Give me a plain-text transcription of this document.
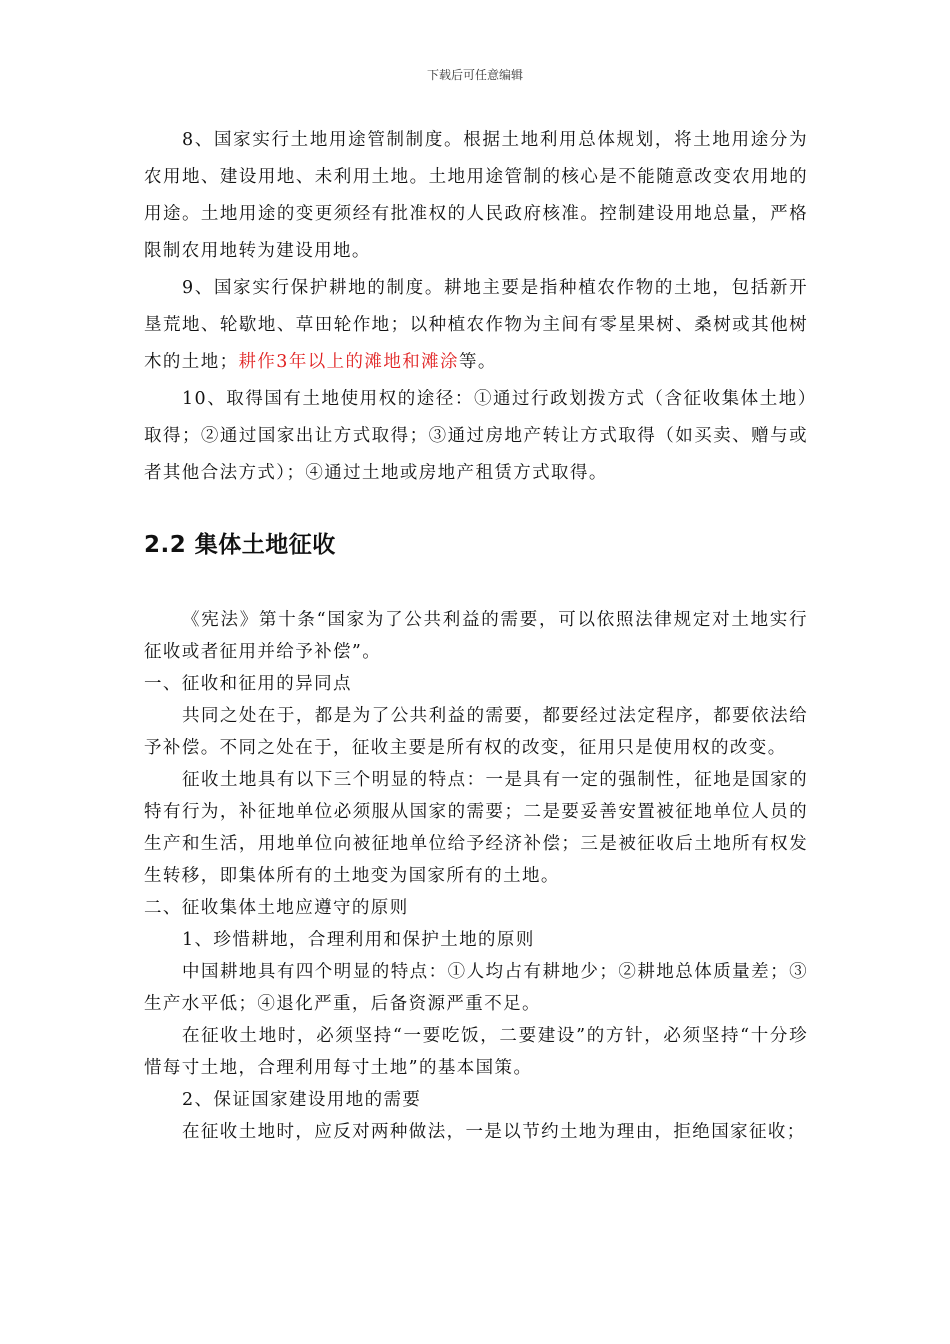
下载后可任意编辑

8、国家实行土地用途管制制度。根据土地利用总体规划，将土地用途分为农用地、建设用地、未利用土地。土地用途管制的核心是不能随意改变农用地的用途。土地用途的变更须经有批准权的人民政府核准。控制建设用地总量，严格限制农用地转为建设用地。

9、国家实行保护耕地的制度。耕地主要是指种植农作物的土地，包括新开垦荒地、轮歇地、草田轮作地；以种植农作物为主间有零星果树、桑树或其他树木的土地；耕作3年以上的滩地和滩涂等。

10、取得国有土地使用权的途径：①通过行政划拨方式（含征收集体土地）取得；②通过国家出让方式取得；③通过房地产转让方式取得（如买卖、赠与或者其他合法方式）；④通过土地或房地产租赁方式取得。

2.2 集体土地征收

《宪法》第十条“国家为了公共利益的需要，可以依照法律规定对土地实行征收或者征用并给予补偿”。

一、征收和征用的异同点

共同之处在于，都是为了公共利益的需要，都要经过法定程序，都要依法给予补偿。不同之处在于，征收主要是所有权的改变，征用只是使用权的改变。

征收土地具有以下三个明显的特点：一是具有一定的强制性，征地是国家的特有行为，补征地单位必须服从国家的需要；二是要妥善安置被征地单位人员的生产和生活，用地单位向被征地单位给予经济补偿；三是被征收后土地所有权发生转移，即集体所有的土地变为国家所有的土地。

二、征收集体土地应遵守的原则

1、珍惜耕地，合理利用和保护土地的原则

中国耕地具有四个明显的特点：①人均占有耕地少；②耕地总体质量差；③生产水平低；④退化严重，后备资源严重不足。

在征收土地时，必须坚持“一要吃饭，二要建设”的方针，必须坚持“十分珍惜每寸土地，合理利用每寸土地”的基本国策。

2、保证国家建设用地的需要

在征收土地时，应反对两种做法，一是以节约土地为理由，拒绝国家征收；
